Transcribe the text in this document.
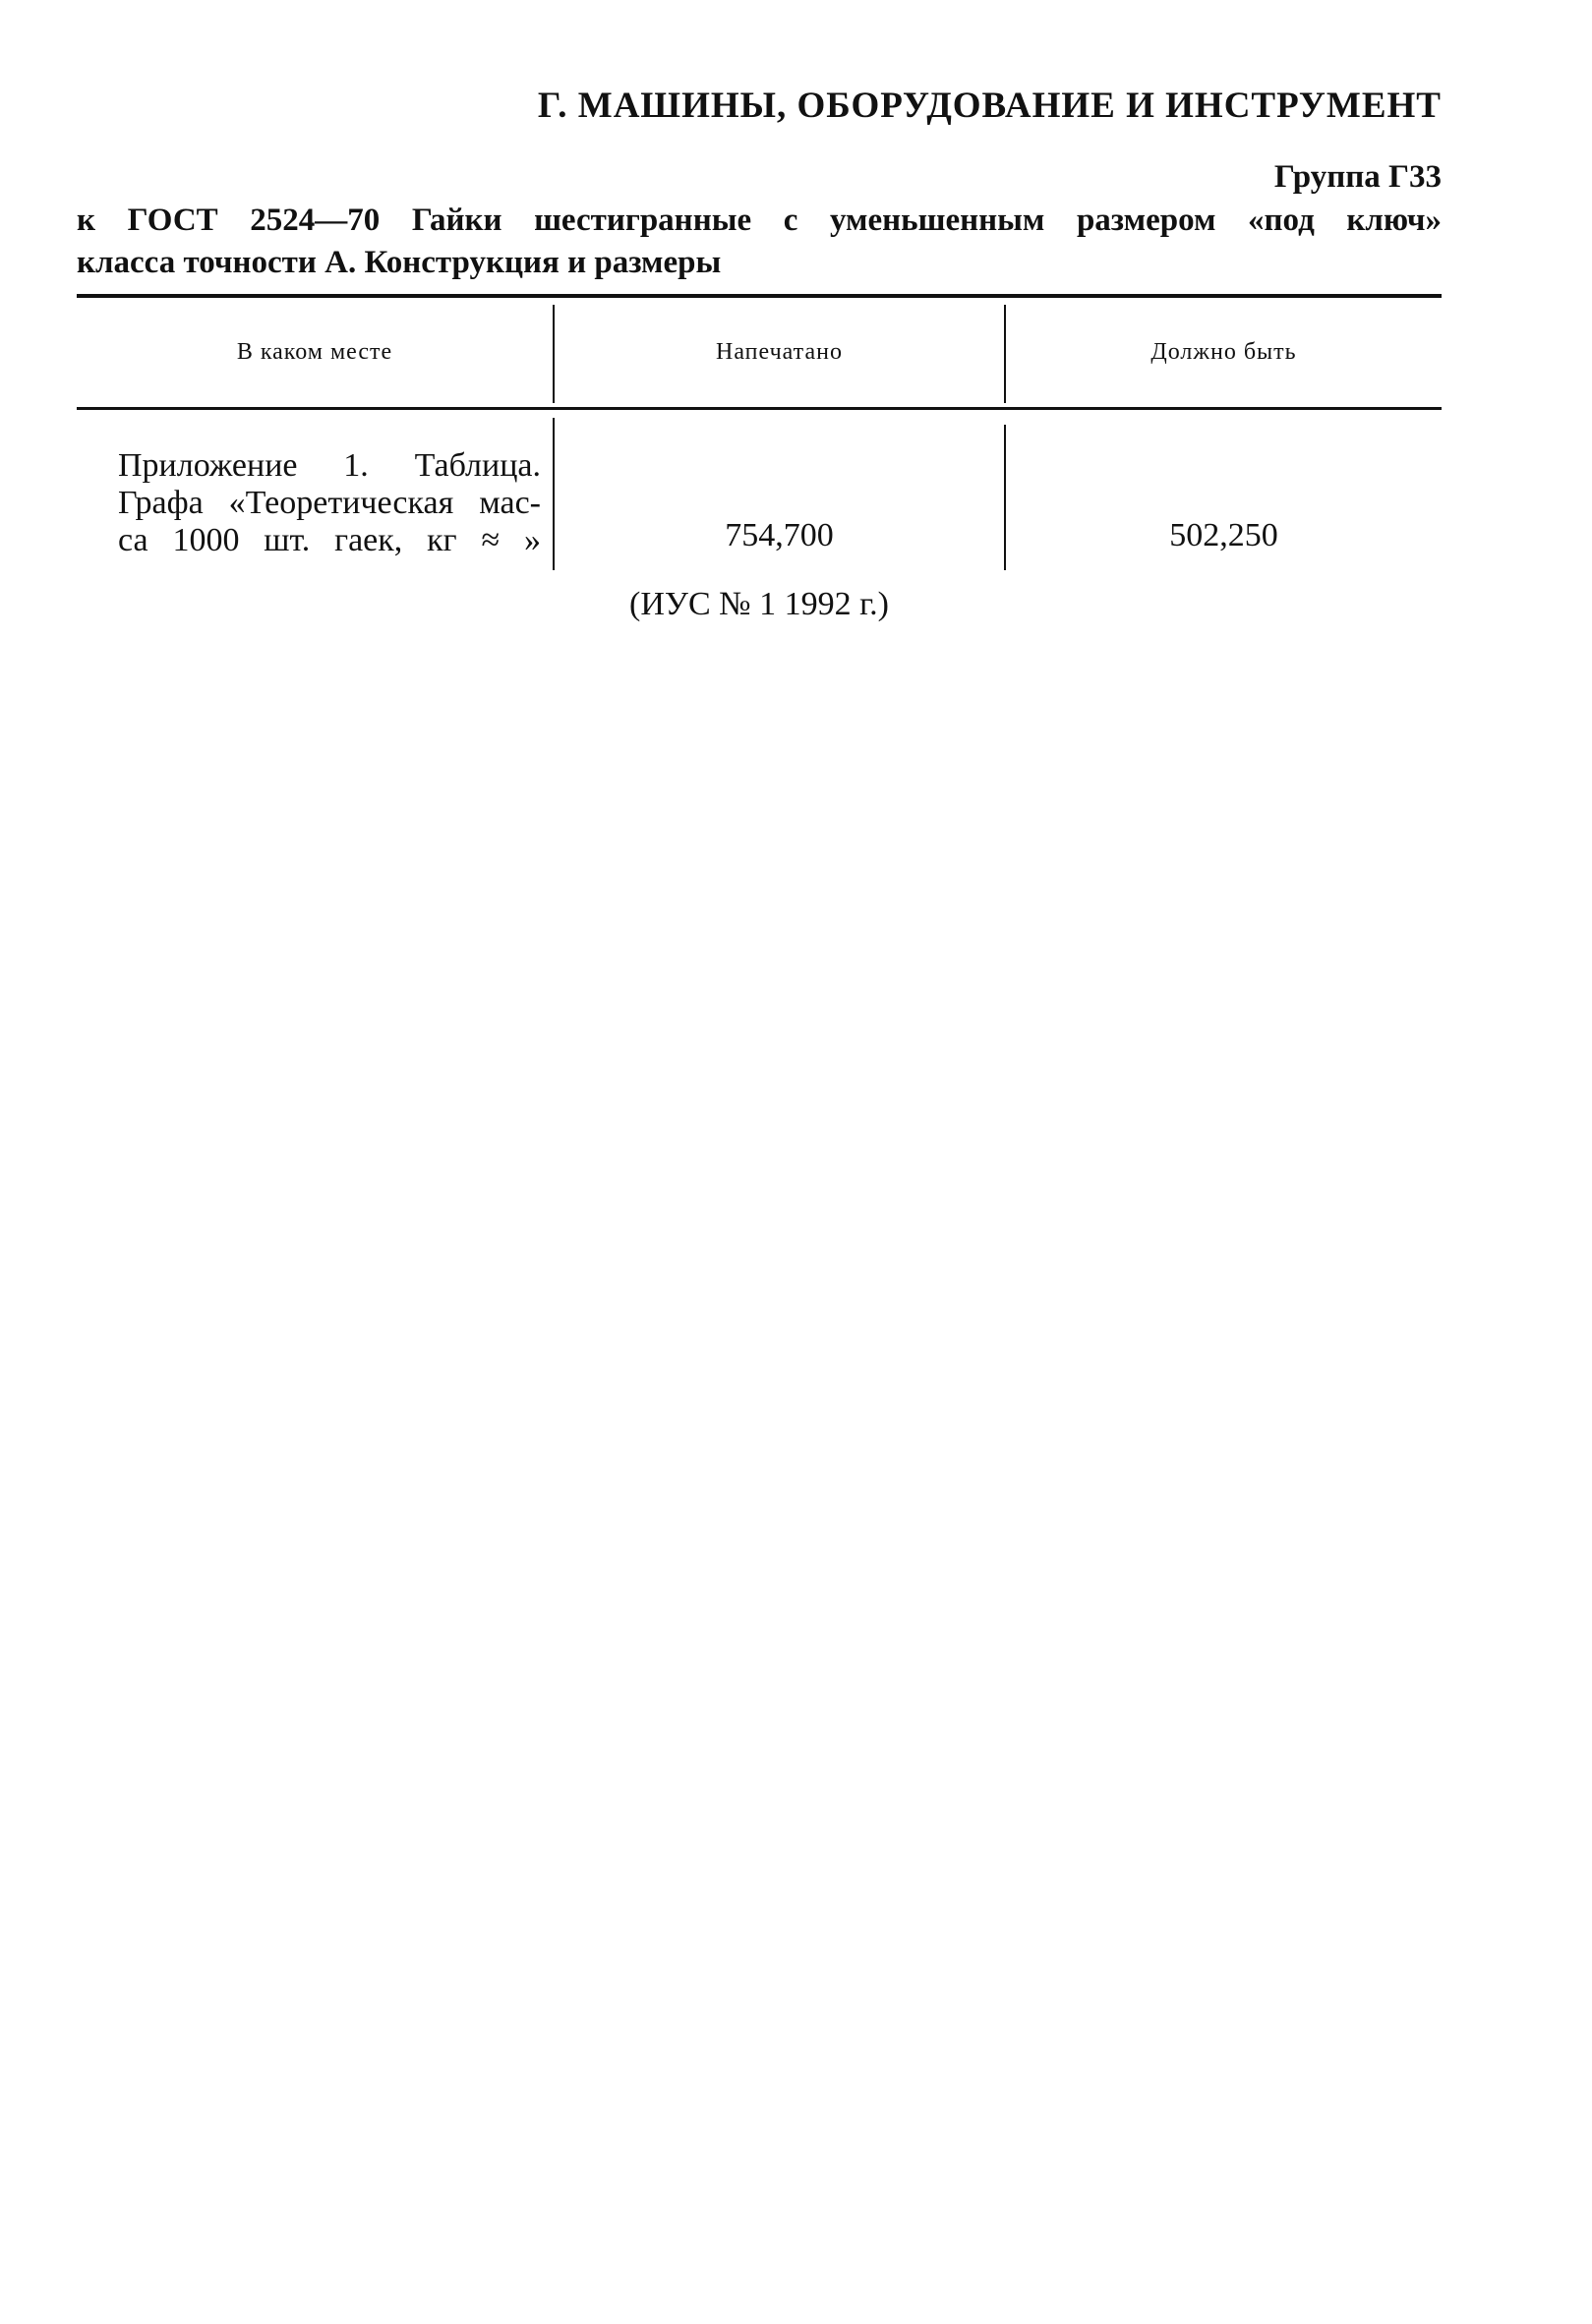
Г. МАШИНЫ, ОБОРУДОВАНИЕ И ИНСТРУМЕНТ
Группа Г33
к ГОСТ 2524—70 Гайки шестигранные с уменьшенным размером «под ключ»
класса точности А. Конструкция и размеры
В каком месте	Напечатано	Должно быть
Приложение 1. Таблица.
Графа «Теоретическая мас-
са 1000 шт. гаек, кг ≈ »	754,700	502,250
(ИУС № 1 1992 г.)
